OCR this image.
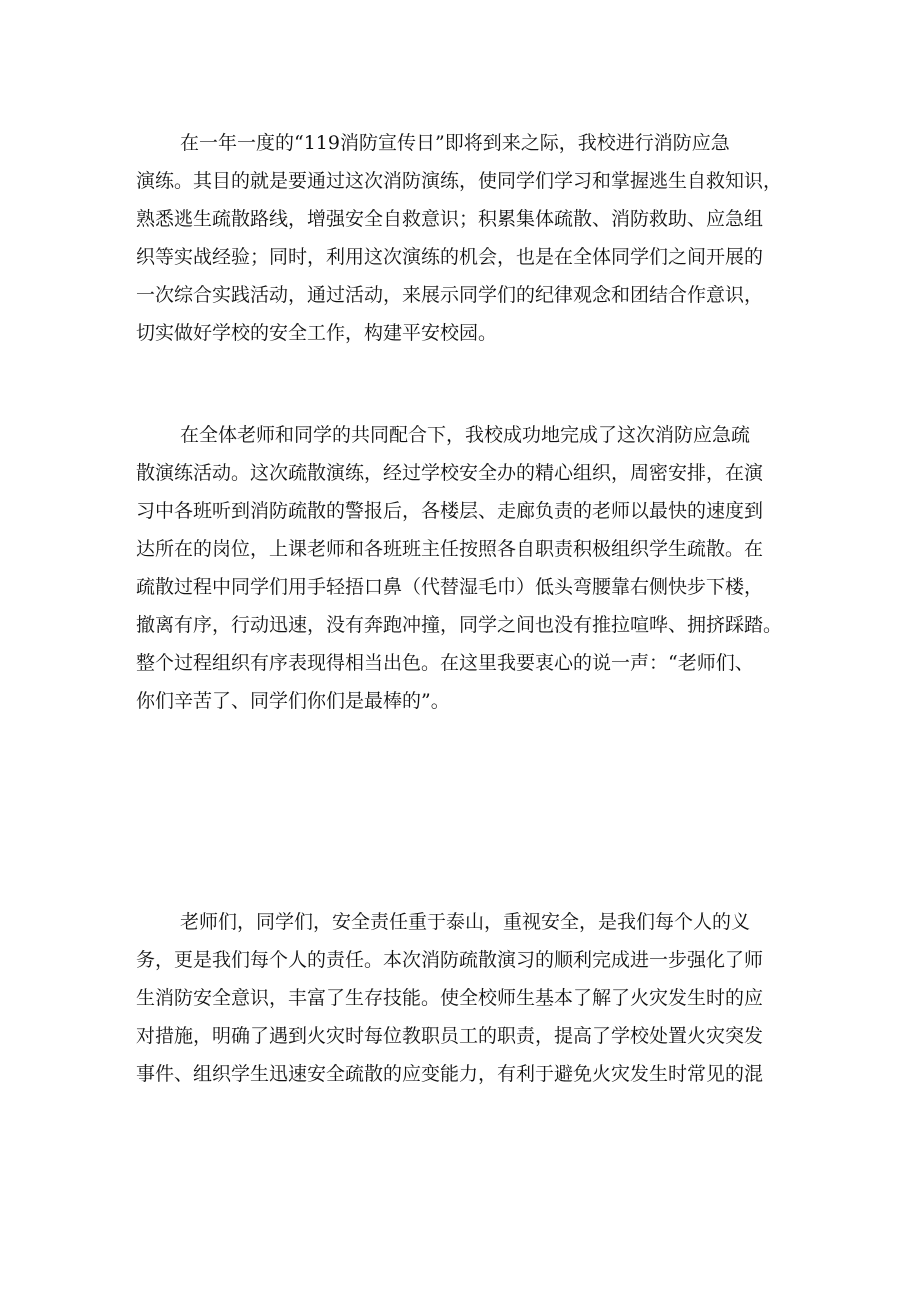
在一年一度的“119消防宣传日”即将到来之际，我校进行消防应急
演练。其目的就是要通过这次消防演练，使同学们学习和掌握逃生自救知识，
熟悉逃生疏散路线，增强安全自救意识；积累集体疏散、消防救助、应急组
织等实战经验；同时，利用这次演练的机会，也是在全体同学们之间开展的
一次综合实践活动，通过活动，来展示同学们的纪律观念和团结合作意识，
切实做好学校的安全工作，构建平安校园。
在全体老师和同学的共同配合下，我校成功地完成了这次消防应急疏
散演练活动。这次疏散演练，经过学校安全办的精心组织，周密安排，在演
习中各班听到消防疏散的警报后，各楼层、走廊负责的老师以最快的速度到
达所在的岗位，上课老师和各班班主任按照各自职责积极组织学生疏散。在
疏散过程中同学们用手轻捂口鼻（代替湿毛巾）低头弯腰靠右侧快步下楼，
撤离有序，行动迅速，没有奔跑冲撞，同学之间也没有推拉喧哗、拥挤踩踏。
整个过程组织有序表现得相当出色。在这里我要衷心的说一声：“老师们、
你们辛苦了、同学们你们是最棒的”。
老师们，同学们，安全责任重于泰山，重视安全，是我们每个人的义
务，更是我们每个人的责任。本次消防疏散演习的顺利完成进一步强化了师
生消防安全意识，丰富了生存技能。使全校师生基本了解了火灾发生时的应
对措施，明确了遇到火灾时每位教职员工的职责，提高了学校处置火灾突发
事件、组织学生迅速安全疏散的应变能力，有利于避免火灾发生时常见的混
